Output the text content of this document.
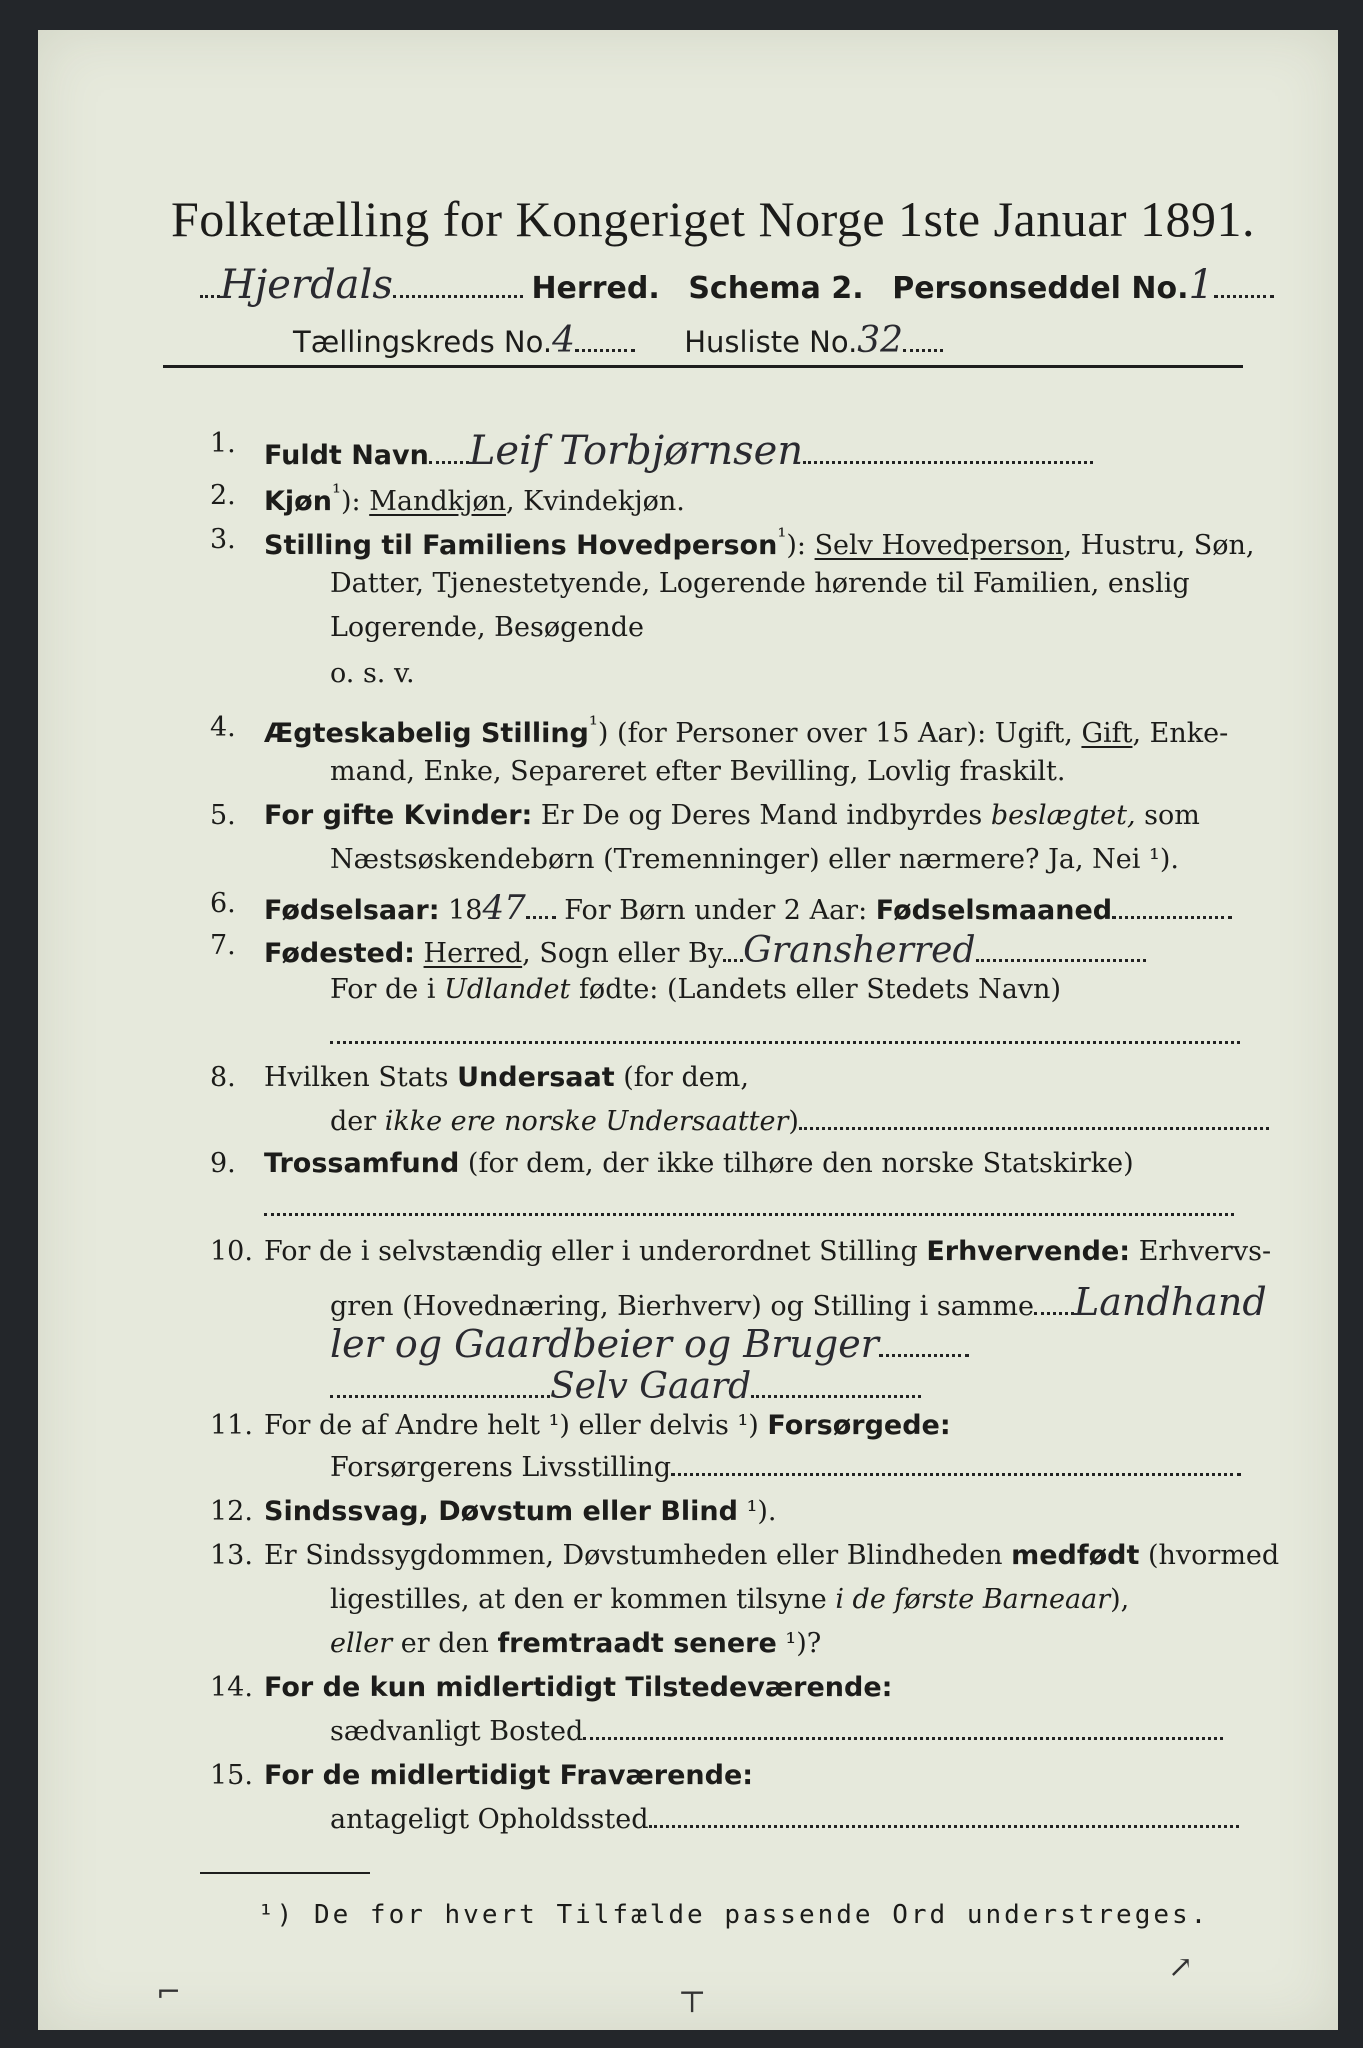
Folketælling for Kongeriget Norge 1ste Januar 1891.
Hjerdals	Herred. Schema 2. Personseddel No.1
Tællingskreds No.4	Husliste No.32
1. Fuldt Navn Leif Torbjørnsen
2. Kjøn$^{^1}$): Mandkjøn, Kvindekjøn.
3. Stilling til Familiens Hovedperson$^{^1}$): Selv Hovedperson, Hustru, Søn,
Datter, Tjenestetyende, Logerende hørende til Familien, enslig
Logerende, Besøgende
o. s. v.
4. Ægteskabelig Stilling$^{^1}$) (for Personer over 15 Aar): Ugift, Gift, Enke-
mand, Enke, Separeret efter Bevilling, Lovlig fraskilt.
5. For gifte Kvinder: Er De og Deres Mand indbyrdes beslægtet, som
Næstsøskendebørn (Tremenninger) eller nærmere? Ja, Nei ¹).
6. Fødselsaar: 1847 For Børn under 2 Aar: Fødselsmaaned
7. Fødested: Herred, Sogn eller By Gransherred
For de i Udlandet fødte: (Landets eller Stedets Navn)
8. Hvilken Stats Undersaat (for dem,
der ikke ere norske Undersaatter)
9. Trossamfund (for dem, der ikke tilhøre den norske Statskirke)
10. For de i selvstændig eller i underordnet Stilling Erhvervende: Erhvervs-
gren (Hovednæring, Bierhverv) og Stilling i samme Landhand
ler og Gaardbeier og Bruger
Selv Gaard
11. For de af Andre helt ¹) eller delvis ¹) Forsørgede:
Forsørgerens Livsstilling
12. Sindssvag, Døvstum eller Blind ¹).
13. Er Sindssygdommen, Døvstumheden eller Blindheden medfødt (hvormed
ligestilles, at den er kommen tilsyne i de første Barneaar),
eller er den fremtraadt senere ¹)?
14. For de kun midlertidigt Tilstedeværende:
sædvanligt Bosted
15. For de midlertidigt Fraværende:
antageligt Opholdssted
¹) De for hvert Tilfælde passende Ord understreges.
⌐	⊤
↗
